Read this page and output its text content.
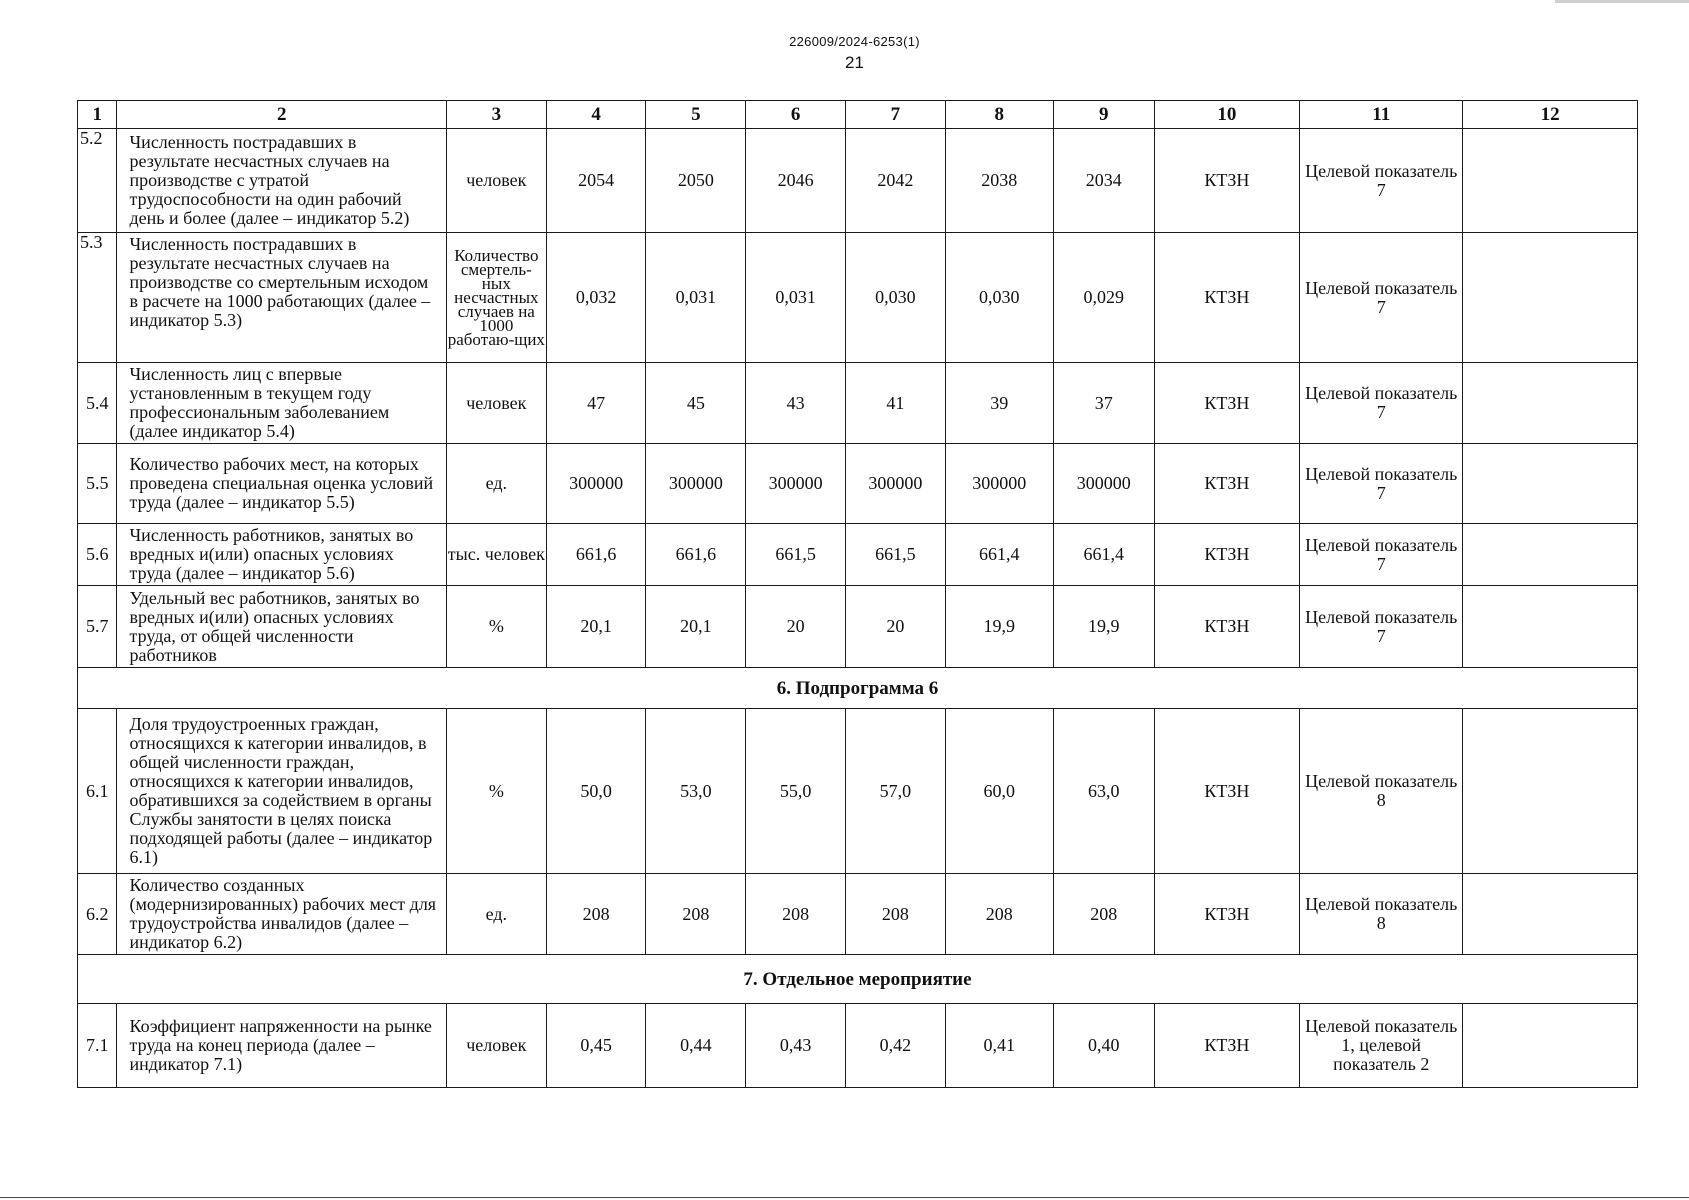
226009/2024-6253(1)
21
1	2	3	4	5	6	7	8	9	10	11	12
5.2	Численность пострадавших в результате несчастных случаев на производстве с утратой трудоспособности на один рабочий день и более (далее – индикатор 5.2)	человек	2054	2050	2046	2042	2038	2034	КТЗН	Целевой показатель 7	
5.3	Численность пострадавших в результате несчастных случаев на производстве со смертельным исходом в расчете на 1000 работающих (далее – индикатор 5.3)	Количество смертель-ных несчастных случаев на 1000 работаю-щих	0,032	0,031	0,031	0,030	0,030	0,029	КТЗН	Целевой показатель 7	
5.4	Численность лиц с впервые установленным в текущем году профессиональным заболеванием (далее индикатор 5.4)	человек	47	45	43	41	39	37	КТЗН	Целевой показатель 7	
5.5	Количество рабочих мест, на которых проведена специальная оценка условий труда (далее – индикатор 5.5)	ед.	300000	300000	300000	300000	300000	300000	КТЗН	Целевой показатель 7	
5.6	Численность работников, занятых во вредных и(или) опасных условиях труда (далее – индикатор 5.6)	тыс. человек	661,6	661,6	661,5	661,5	661,4	661,4	КТЗН	Целевой показатель 7	
5.7	Удельный вес работников, занятых во вредных и(или) опасных условиях труда, от общей численности работников	%	20,1	20,1	20	20	19,9	19,9	КТЗН	Целевой показатель 7	
6. Подпрограмма 6											
6.1	Доля трудоустроенных граждан, относящихся к категории инвалидов, в общей численности граждан, относящихся к категории инвалидов, обратившихся за содействием в органы Службы занятости в целях поиска подходящей работы (далее – индикатор 6.1)	%	50,0	53,0	55,0	57,0	60,0	63,0	КТЗН	Целевой показатель 8	
6.2	Количество созданных (модернизированных) рабочих мест для трудоустройства инвалидов (далее – индикатор 6.2)	ед.	208	208	208	208	208	208	КТЗН	Целевой показатель 8	
7. Отдельное мероприятие											
7.1	Коэффициент напряженности на рынке труда на конец периода (далее – индикатор 7.1)	человек	0,45	0,44	0,43	0,42	0,41	0,40	КТЗН	Целевой показатель 1, целевой показатель 2	
